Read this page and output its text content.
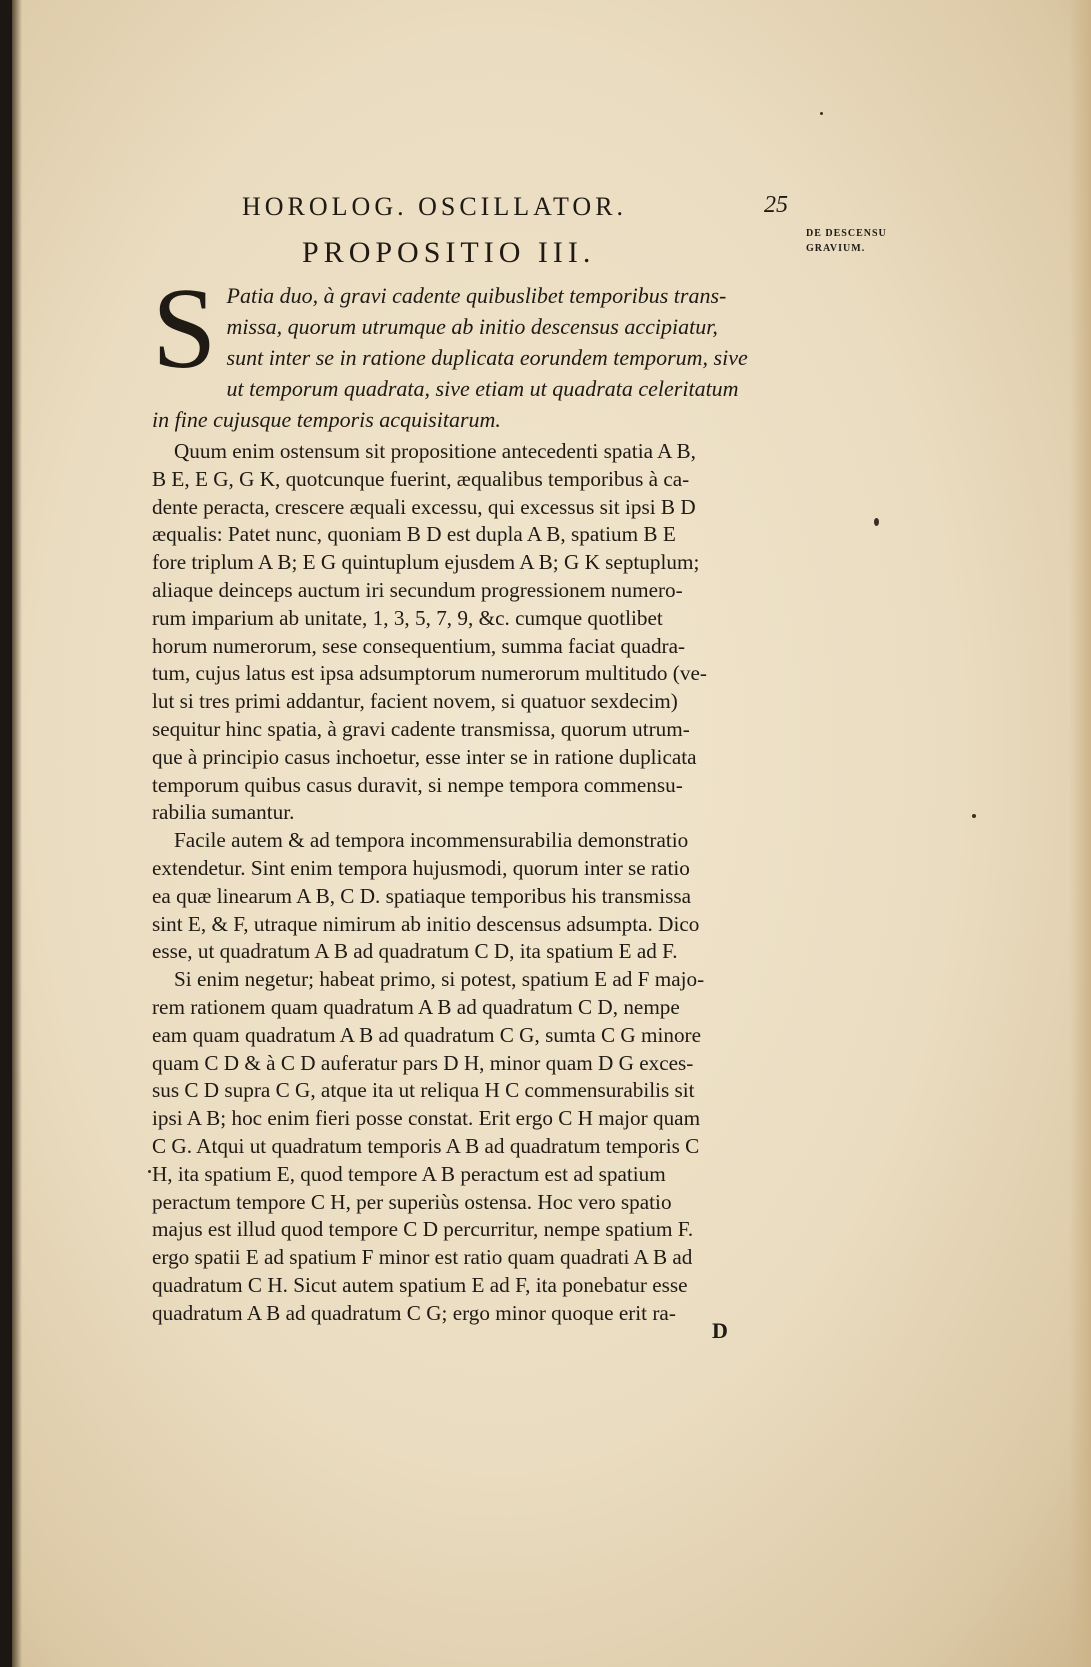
HOROLOG. OSCILLATOR.	25
DE DESCENSU
GRAVIUM.
PROPOSITIO III.
S Patia duo, à gravi cadente quibuslibet temporibus trans-
missa, quorum utrumque ab initio descensus accipiatur,
sunt inter se in ratione duplicata eorundem temporum, sive
ut temporum quadrata, sive etiam ut quadrata celeritatum
in fine cujusque temporis acquisitarum.

Quum enim ostensum sit propositione antecedenti spatia A B,
B E, E G, G K, quotcunque fuerint, æqualibus temporibus à ca-
dente peracta, crescere æquali excessu, qui excessus sit ipsi B D
æqualis: Patet nunc, quoniam B D est dupla A B, spatium B E
fore triplum A B; E G quintuplum ejusdem A B; G K septuplum;
aliaque deinceps auctum iri secundum progressionem numero-
rum imparium ab unitate, 1, 3, 5, 7, 9, &c. cumque quotlibet
horum numerorum, sese consequentium, summa faciat quadra-
tum, cujus latus est ipsa adsumptorum numerorum multitudo (ve-
lut si tres primi addantur, facient novem, si quatuor sexdecim)
sequitur hinc spatia, à gravi cadente transmissa, quorum utrum-
que à principio casus inchoetur, esse inter se in ratione duplicata
temporum quibus casus duravit, si nempe tempora commensu-
rabilia sumantur.

Facile autem & ad tempora incommensurabilia demonstratio
extendetur. Sint enim tempora hujusmodi, quorum inter se ratio
ea quæ linearum A B, C D. spatiaque temporibus his transmissa
sint E, & F, utraque nimirum ab initio descensus adsumpta. Dico
esse, ut quadratum A B ad quadratum C D, ita spatium E ad F.

Si enim negetur; habeat primo, si potest, spatium E ad F majo-
rem rationem quam quadratum A B ad quadratum C D, nempe
eam quam quadratum A B ad quadratum C G, sumta C G minore
quam C D & à C D auferatur pars D H, minor quam D G exces-
sus C D supra C G, atque ita ut reliqua H C commensurabilis sit
ipsi A B; hoc enim fieri posse constat. Erit ergo C H major quam
C G. Atqui ut quadratum temporis A B ad quadratum temporis C
H, ita spatium E, quod tempore A B peractum est ad spatium
peractum tempore C H, per superiùs ostensa. Hoc vero spatio
majus est illud quod tempore C D percurritur, nempe spatium F.
ergo spatii E ad spatium F minor est ratio quam quadrati A B ad
quadratum C H. Sicut autem spatium E ad F, ita ponebatur esse
quadratum A B ad quadratum C G; ergo minor quoque erit ra-

D
